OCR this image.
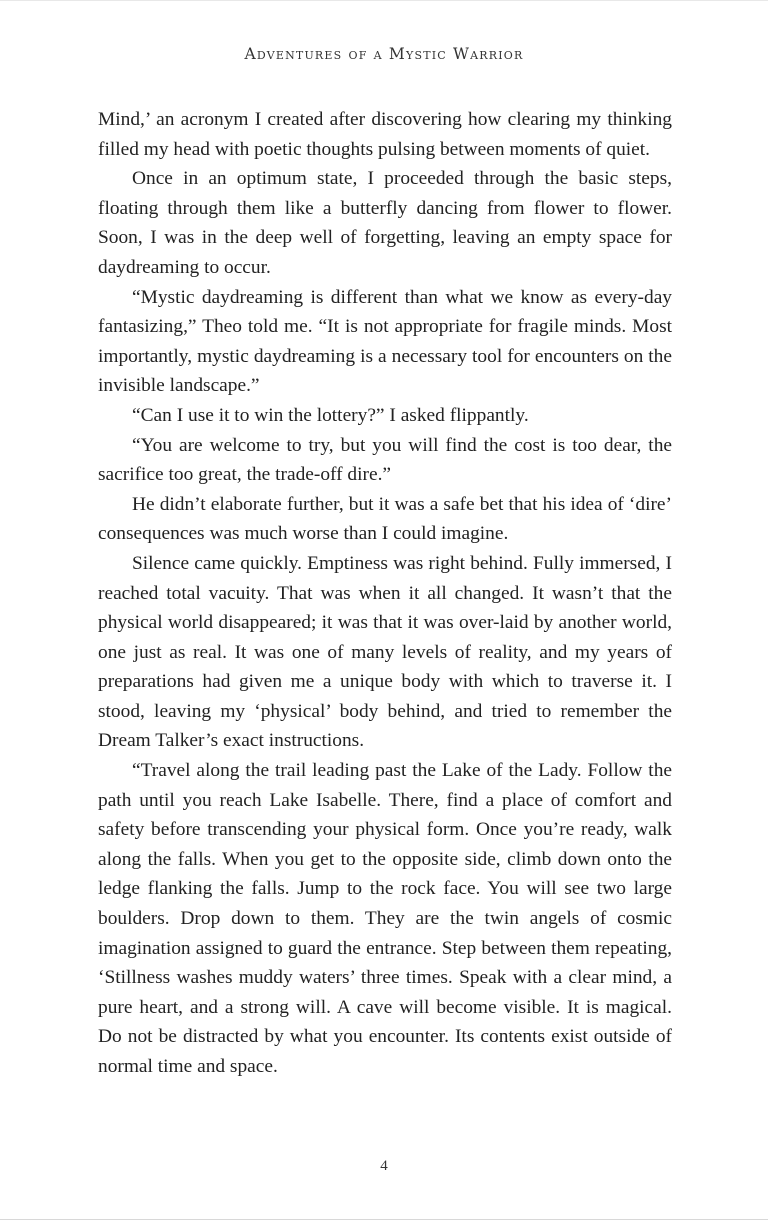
Adventures of a Mystic Warrior

Mind,’ an acronym I created after discovering how clearing my thinking filled my head with poetic thoughts pulsing between moments of quiet.

Once in an optimum state, I proceeded through the basic steps, floating through them like a butterfly dancing from flower to flower. Soon, I was in the deep well of forgetting, leaving an empty space for daydreaming to occur.

“Mystic daydreaming is different than what we know as every-day fantasizing,” Theo told me. “It is not appropriate for fragile minds. Most importantly, mystic daydreaming is a necessary tool for encounters on the invisible landscape.”

“Can I use it to win the lottery?” I asked flippantly.

“You are welcome to try, but you will find the cost is too dear, the sacrifice too great, the trade-off dire.”

He didn’t elaborate further, but it was a safe bet that his idea of ‘dire’ consequences was much worse than I could imagine.

Silence came quickly. Emptiness was right behind. Fully immersed, I reached total vacuity. That was when it all changed. It wasn’t that the physical world disappeared; it was that it was over-laid by another world, one just as real. It was one of many levels of reality, and my years of preparations had given me a unique body with which to traverse it. I stood, leaving my ‘physical’ body behind, and tried to remember the Dream Talker’s exact instructions.

“Travel along the trail leading past the Lake of the Lady. Follow the path until you reach Lake Isabelle. There, find a place of comfort and safety before transcending your physical form. Once you’re ready, walk along the falls. When you get to the opposite side, climb down onto the ledge flanking the falls. Jump to the rock face. You will see two large boulders. Drop down to them. They are the twin angels of cosmic imagination assigned to guard the entrance. Step between them repeating, ‘Stillness washes muddy waters’ three times. Speak with a clear mind, a pure heart, and a strong will. A cave will become visible. It is magical. Do not be distracted by what you encounter. Its contents exist outside of normal time and space.

4
